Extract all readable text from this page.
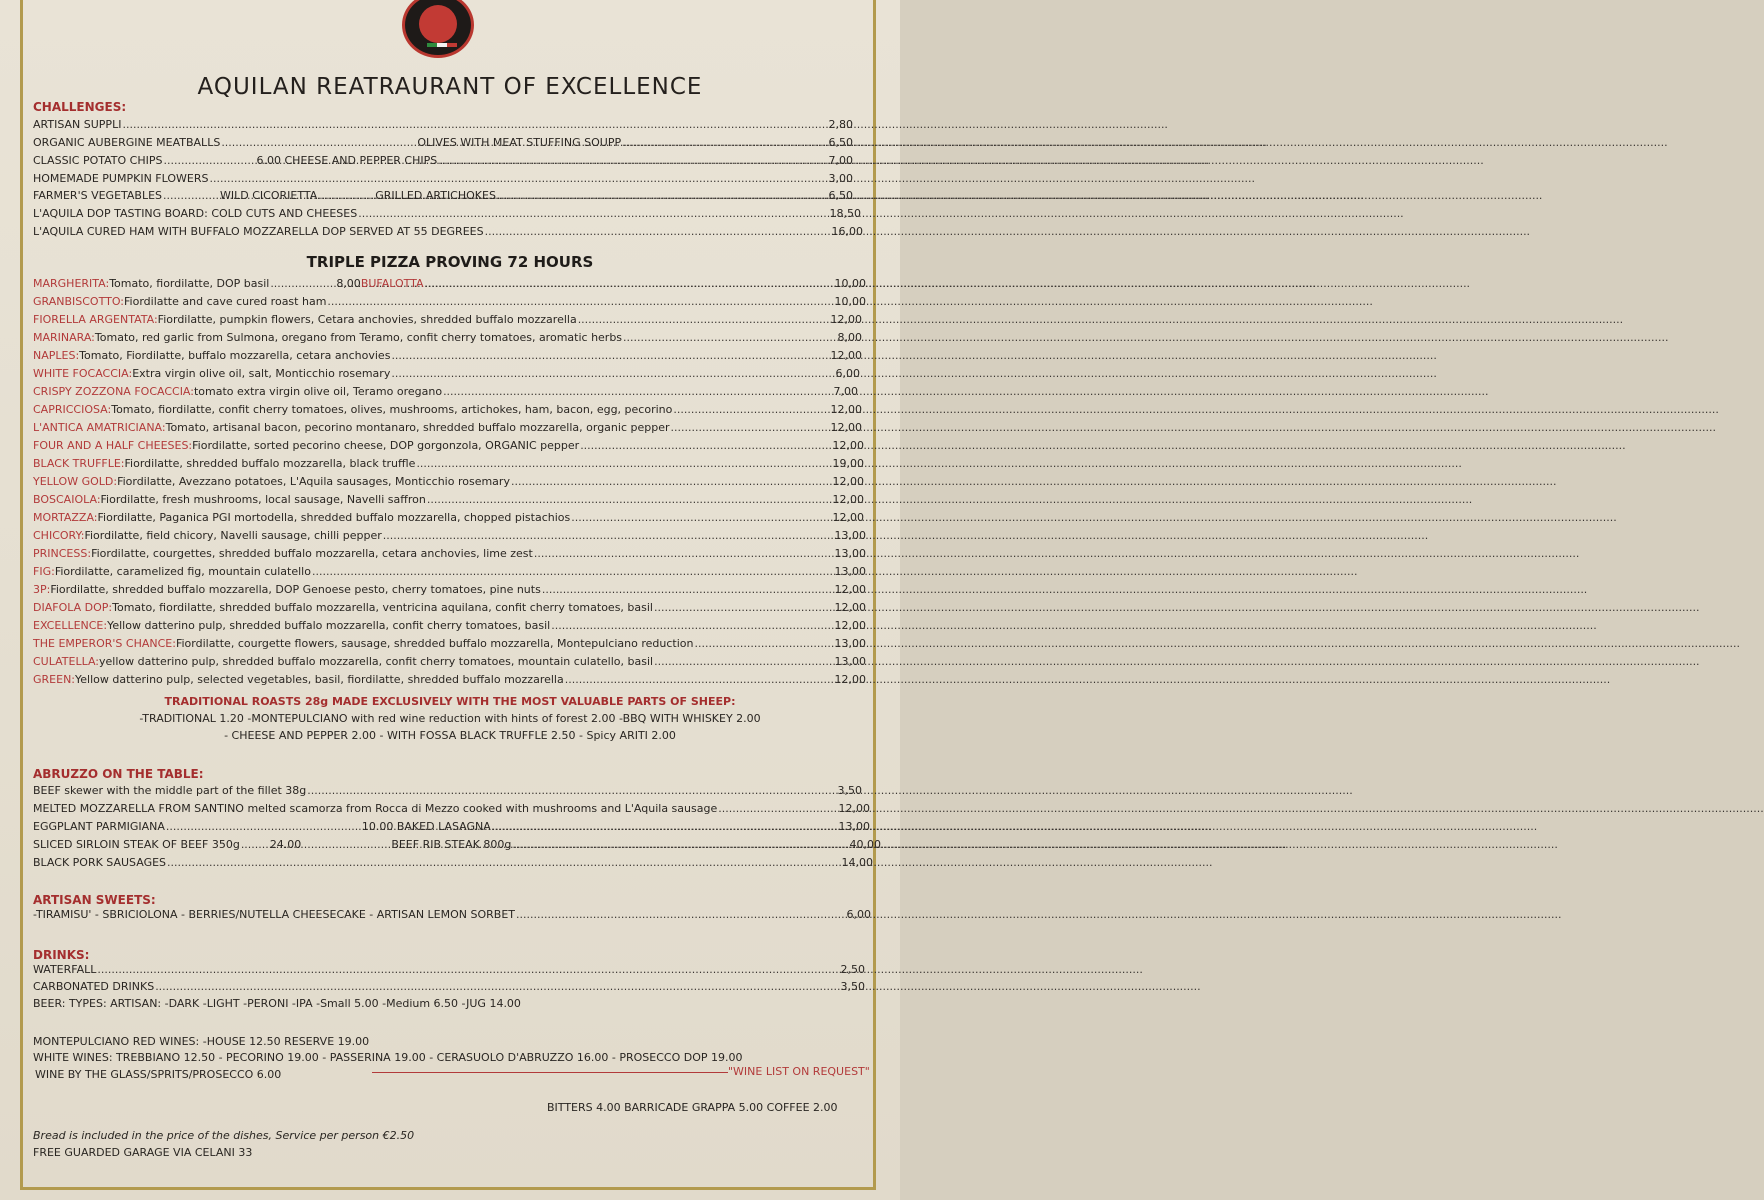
AQUILAN REATRAURANT OF EXCELLENCE
CHALLENGES:
ARTISAN SUPPLI .....	2,80
ORGANIC AUBERGINE MEATBALLS .....	OLIVES WITH MEAT STUFFING SOUPP .....	6,50
CLASSIC POTATO CHIPS .....	6.00 CHEESE AND PEPPER CHIPS .....	7,00
HOMEMADE PUMPKIN FLOWERS .....	3,00
FARMER'S VEGETABLES .....	WILD CICORIETTA .....	GRILLED ARTICHOKES .....	6,50
L'AQUILA DOP TASTING BOARD: COLD CUTS AND CHEESES .....	18,50
L'AQUILA CURED HAM WITH BUFFALO MOZZARELLA DOP SERVED AT 55 DEGREES .....	16,00
TRIPLE PIZZA PROVING 72 HOURS
MARGHERITA: Tomato, fiordilatte, DOP basil .....	8,00 BUFALOTTA .....	10,00
GRANBISCOTTO: Fiordilatte and cave cured roast ham .....	10,00
FIORELLA ARGENTATA: Fiordilatte, pumpkin flowers, Cetara anchovies, shredded buffalo mozzarella .....	12,00
MARINARA: Tomato, red garlic from Sulmona, oregano from Teramo, confit cherry tomatoes, aromatic herbs .....	8,00
NAPLES: Tomato, Fiordilatte, buffalo mozzarella, cetara anchovies .....	12,00
WHITE FOCACCIA: Extra virgin olive oil, salt, Monticchio rosemary .....	6,00
CRISPY ZOZZONA FOCACCIA: tomato extra virgin olive oil, Teramo oregano .....	7,00
CAPRICCIOSA: Tomato, fiordilatte, confit cherry tomatoes, olives, mushrooms, artichokes, ham, bacon, egg, pecorino .....	12,00
L'ANTICA AMATRICIANA: Tomato, artisanal bacon, pecorino montanaro, shredded buffalo mozzarella, organic pepper .....	12,00
FOUR AND A HALF CHEESES: Fiordilatte, sorted pecorino cheese, DOP gorgonzola, ORGANIC pepper .....	12,00
BLACK TRUFFLE: Fiordilatte, shredded buffalo mozzarella, black truffle .....	19,00
YELLOW GOLD: Fiordilatte, Avezzano potatoes, L'Aquila sausages, Monticchio rosemary .....	12,00
BOSCAIOLA: Fiordilatte, fresh mushrooms, local sausage, Navelli saffron .....	12,00
MORTAZZA: Fiordilatte, Paganica PGI mortodella, shredded buffalo mozzarella, chopped pistachios .....	12,00
CHICORY: Fiordilatte, field chicory, Navelli sausage, chilli pepper .....	13,00
PRINCESS: Fiordilatte, courgettes, shredded buffalo mozzarella, cetara anchovies, lime zest .....	13,00
FIG: Fiordilatte, caramelized fig, mountain culatello .....	13,00
3P: Fiordilatte, shredded buffalo mozzarella, DOP Genoese pesto, cherry tomatoes, pine nuts .....	12,00
DIAFOLA DOP: Tomato, fiordilatte, shredded buffalo mozzarella, ventricina aquilana, confit cherry tomatoes, basil .....	12,00
EXCELLENCE: Yellow datterino pulp, shredded buffalo mozzarella, confit cherry tomatoes, basil .....	12,00
THE EMPEROR'S CHANCE: Fiordilatte, courgette flowers, sausage, shredded buffalo mozzarella, Montepulciano reduction .....	13,00
CULATELLA: yellow datterino pulp, shredded buffalo mozzarella, confit cherry tomatoes, mountain culatello, basil .....	13,00
GREEN: Yellow datterino pulp, selected vegetables, basil, fiordilatte, shredded buffalo mozzarella .....	12,00
TRADITIONAL ROASTS 28g MADE EXCLUSIVELY WITH THE MOST VALUABLE PARTS OF SHEEP:
-TRADITIONAL 1.20 -MONTEPULCIANO with red wine reduction with hints of forest 2.00 -BBQ WITH WHISKEY 2.00
- CHEESE AND PEPPER 2.00 - WITH FOSSA BLACK TRUFFLE 2.50 - Spicy ARITI 2.00
ABRUZZO ON THE TABLE:
BEEF skewer with the middle part of the fillet 38g .....	3,50
MELTED MOZZARELLA FROM SANTINO melted scamorza from Rocca di Mezzo cooked with mushrooms and L'Aquila sausage .....	12,00
EGGPLANT PARMIGIANA .....	10.00 BAKED LASAGNA .....	13,00
SLICED SIRLOIN STEAK OF BEEF 350g .....	24.00	BEEF RIB STEAK 800g .....	40,00
BLACK PORK SAUSAGES .....	14,00
ARTISAN SWEETS:
-TIRAMISU' - SBRICIOLONA - BERRIES/NUTELLA CHEESECAKE - ARTISAN LEMON SORBET .....	6,00
DRINKS:
WATERFALL .....	2,50
CARBONATED DRINKS .....	3,50
BEER: TYPES: ARTISAN: -DARK -LIGHT -PERONI -IPA -Small 5.00 -Medium 6.50 -JUG 14.00
MONTEPULCIANO RED WINES: -HOUSE 12.50 RESERVE 19.00
WHITE WINES: TREBBIANO 12.50 - PECORINO 19.00 - PASSERINA 19.00 - CERASUOLO D'ABRUZZO 16.00 - PROSECCO DOP 19.00
WINE BY THE GLASS/SPRITS/PROSECCO 6.00	"WINE LIST ON REQUEST"
BITTERS 4.00 BARRICADE GRAPPA 5.00 COFFEE 2.00
Bread is included in the price of the dishes, Service per person €2.50
FREE GUARDED GARAGE VIA CELANI 33
